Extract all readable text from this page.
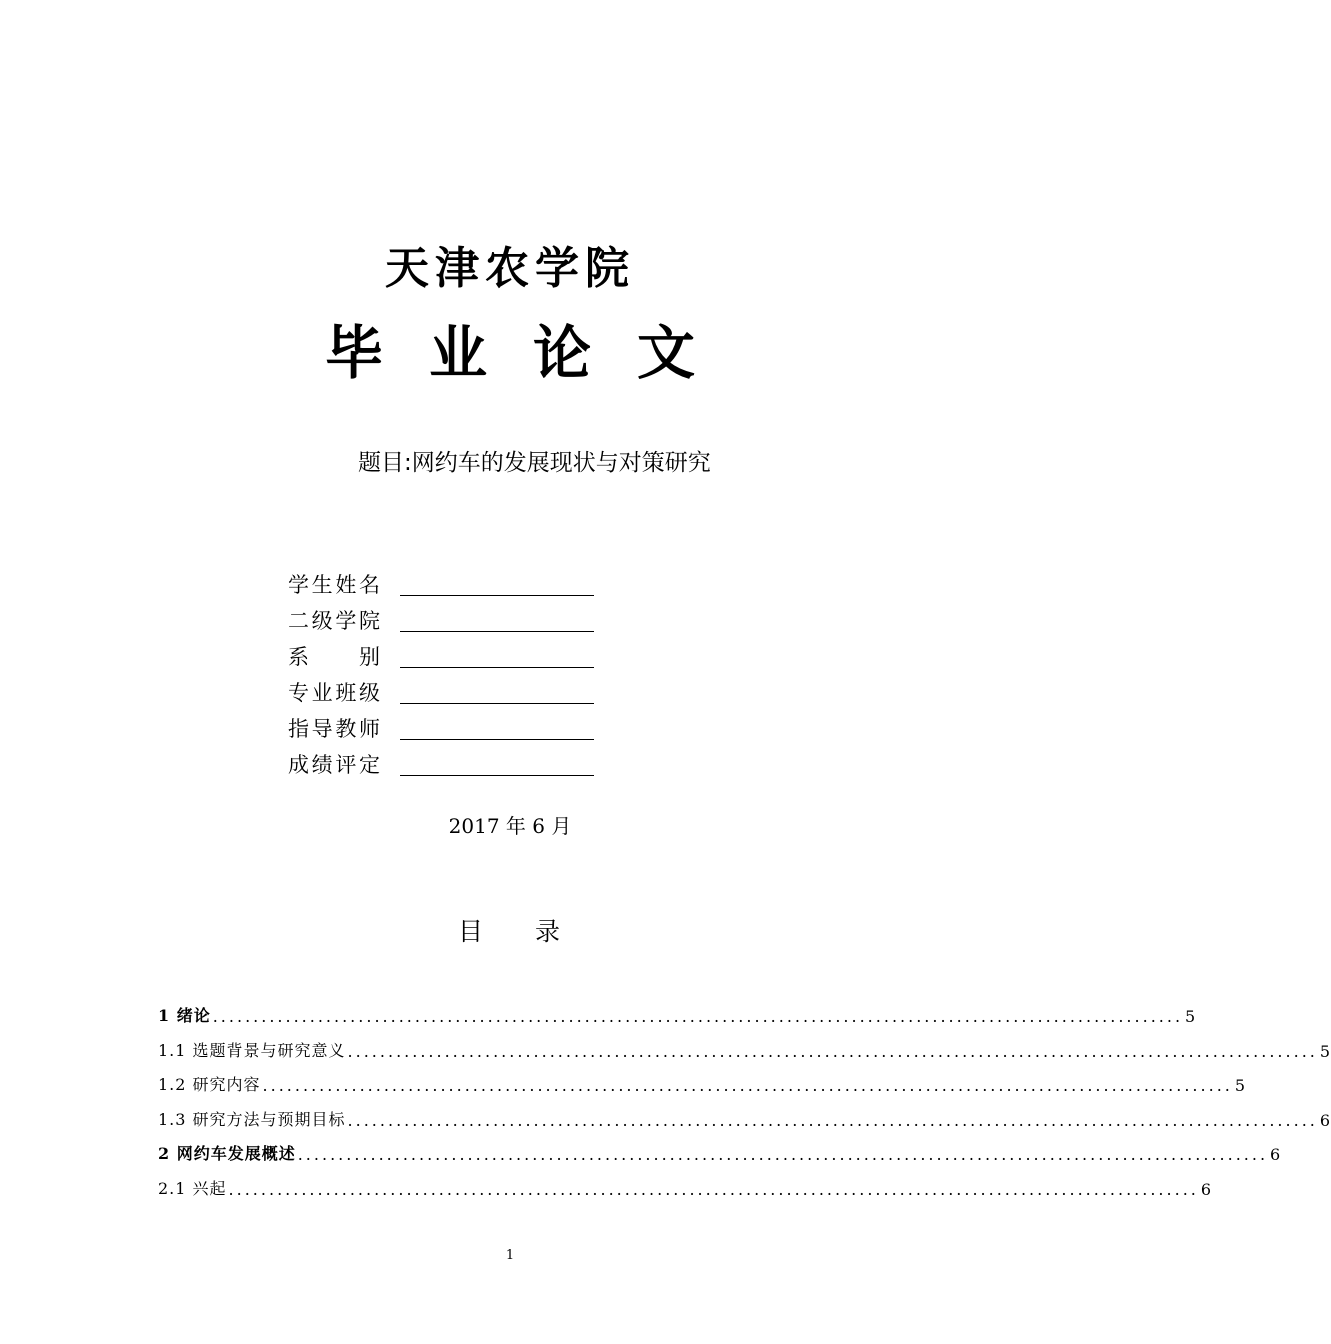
天津农学院
毕 业 论 文
题目:网约车的发展现状与对策研究
学生姓名
二级学院
系别
专业班级
指导教师
成绩评定
2017 年 6 月
目 录
1 绪论 ........................................................................................................................ 5
1.1 选题背景与研究意义 ........................................................................................................................ 5
1.2 研究内容 ........................................................................................................................ 5
1.3 研究方法与预期目标 ........................................................................................................................ 6
2 网约车发展概述 ........................................................................................................................ 6
2.1 兴起 ........................................................................................................................ 6
1
